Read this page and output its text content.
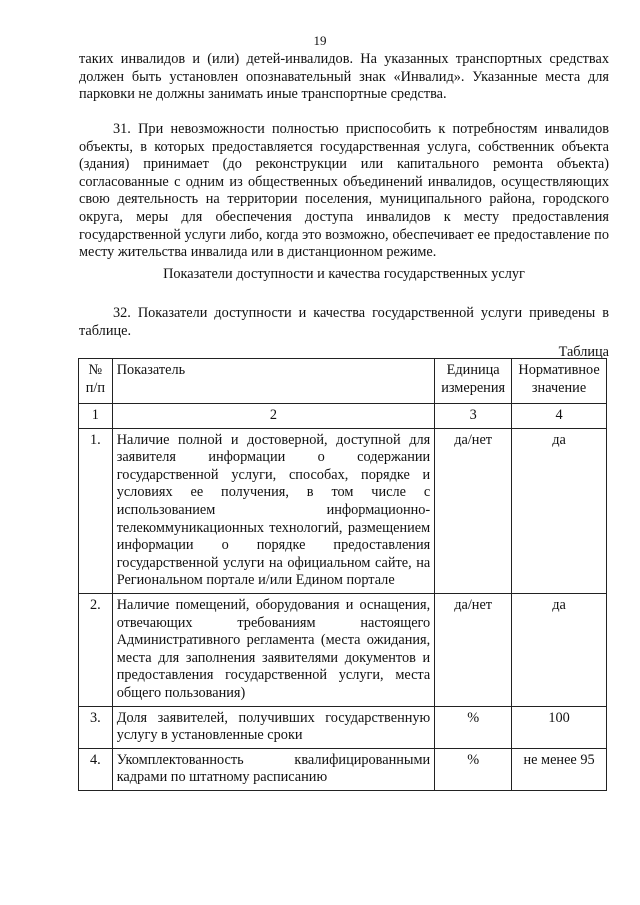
19

таких инвалидов и (или) детей-инвалидов. На указанных транспортных средствах должен быть установлен опознавательный знак «Инвалид». Указанные места для парковки не должны занимать иные транспортные средства.

31. При невозможности полностью приспособить к потребностям инвалидов объекты, в которых предоставляется государственная услуга, собственник объекта (здания) принимает (до реконструкции или капитального ремонта объекта) согласованные с одним из общественных объединений инвалидов, осуществляющих свою деятельность на территории поселения, муниципального района, городского округа, меры для обеспечения доступа инвалидов к месту предоставления государственной услуги либо, когда это возможно, обеспечивает ее предоставление по месту жительства инвалида или в дистанционном режиме.

Показатели доступности и качества государственных услуг

32. Показатели доступности и качества государственной услуги приведены в таблице.

Таблица
№ п/п	Показатель	Единица измерения	Нормативное значение
1	2	3	4
1.	Наличие полной и достоверной, доступной для заявителя информации о содержании государственной услуги, способах, порядке и условиях ее получения, в том числе с использованием информационно-телекоммуникационных технологий, размещением информации о порядке предоставления государственной услуги на официальном сайте, на Региональном портале и/или Едином портале	да/нет	да
2.	Наличие помещений, оборудования и оснащения, отвечающих требованиям настоящего Административного регламента (места ожидания, места для заполнения заявителями документов и предоставления государственной услуги, места общего пользования)	да/нет	да
3.	Доля заявителей, получивших государственную услугу в установленные сроки	%	100
4.	Укомплектованность квалифицированными кадрами по штатному расписанию	%	не менее 95
